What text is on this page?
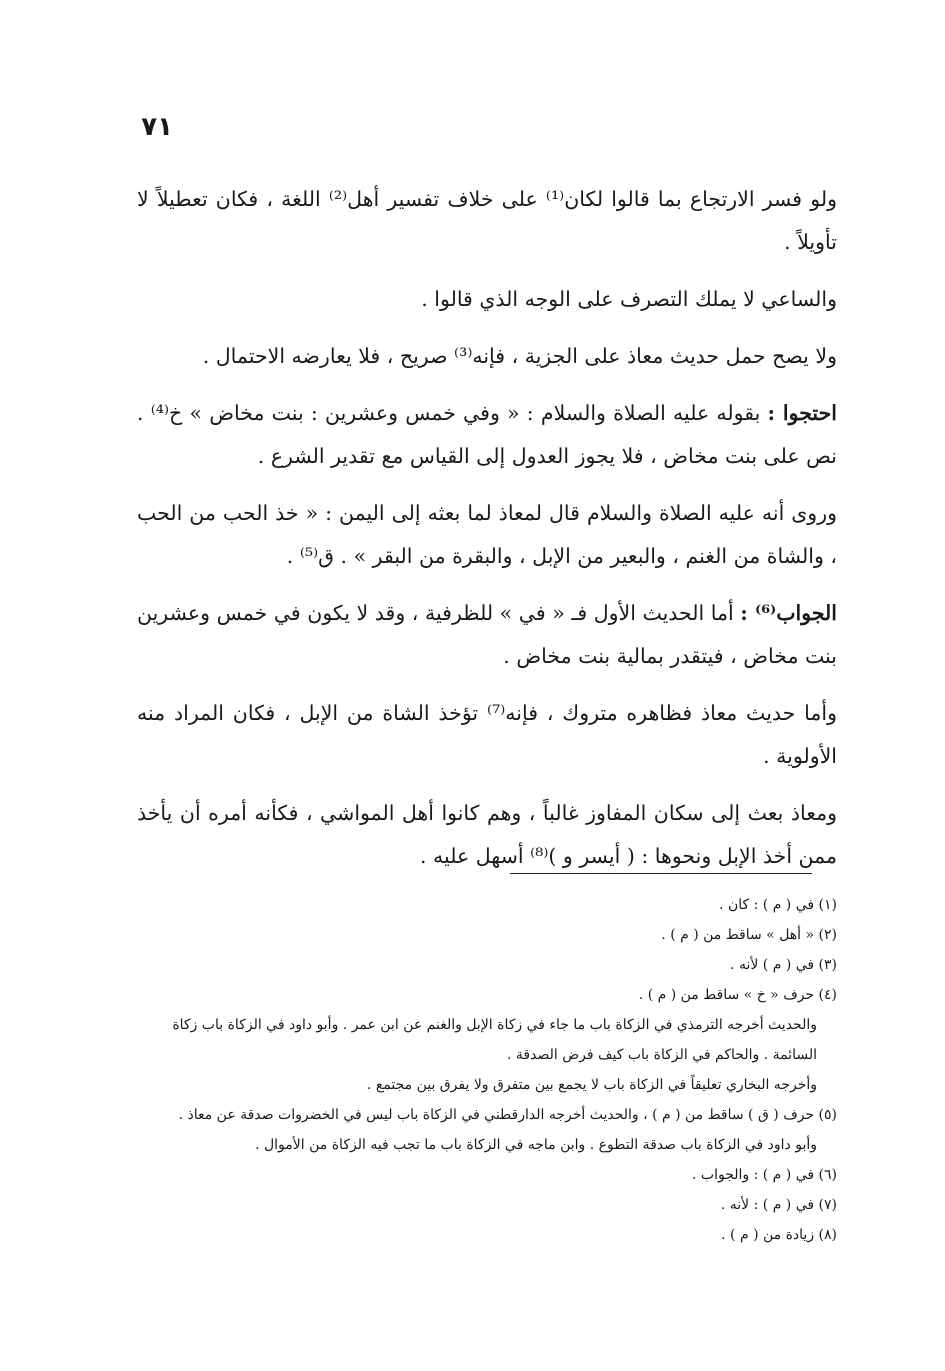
٧١

ولو فسر الارتجاع بما قالوا لكان⁽¹⁾ على خلاف تفسير أهل⁽²⁾ اللغة ، فكان تعطيلاً لا تأويلاً .

والساعي لا يملك التصرف على الوجه الذي قالوا .

ولا يصح حمل حديث معاذ على الجزية ، فإنه⁽³⁾ صريح ، فلا يعارضه الاحتمال .

احتجوا : بقوله عليه الصلاة والسلام : « وفي خمس وعشرين : بنت مخاض » خ⁽⁴⁾ . نص على بنت مخاض ، فلا يجوز العدول إلى القياس مع تقدير الشرع .

وروى أنه عليه الصلاة والسلام قال لمعاذ لما بعثه إلى اليمن : « خذ الحب من الحب ، والشاة من الغنم ، والبعير من الإبل ، والبقرة من البقر » . ق⁽⁵⁾ .

الجواب⁽⁶⁾ : أما الحديث الأول فـ « في » للظرفية ، وقد لا يكون في خمس وعشرين بنت مخاض ، فيتقدر بمالية بنت مخاض .

وأما حديث معاذ فظاهره متروك ، فإنه⁽⁷⁾ تؤخذ الشاة من الإبل ، فكان المراد منه الأولوية .

ومعاذ بعث إلى سكان المفاوز غالباً ، وهم كانوا أهل المواشي ، فكأنه أمره أن يأخذ ممن أخذ الإبل ونحوها : ( أيسر و )⁽⁸⁾ أسهل عليه .

(١) في ( م ) : كان .
(٢) « أهل » ساقط من ( م ) .
(٣) في ( م ) لأنه .
(٤) حرف « خ » ساقط من ( م ) .
والحديث أخرجه الترمذي في الزكاة باب ما جاء في زكاة الإبل والغنم عن ابن عمر . وأبو داود في الزكاة باب زكاة السائمة . والحاكم في الزكاة باب كيف فرض الصدقة .
وأخرجه البخاري تعليقاً في الزكاة باب لا يجمع بين متفرق ولا يفرق بين مجتمع .
(٥) حرف ( ق ) ساقط من ( م ) ، والحديث أخرجه الدارقطني في الزكاة باب ليس في الخضروات صدقة عن معاذ .
وأبو داود في الزكاة باب صدقة التطوع . وابن ماجه في الزكاة باب ما تجب فيه الزكاة من الأموال .
(٦) في ( م ) : والجواب .
(٧) في ( م ) : لأنه .
(٨) زيادة من ( م ) .
